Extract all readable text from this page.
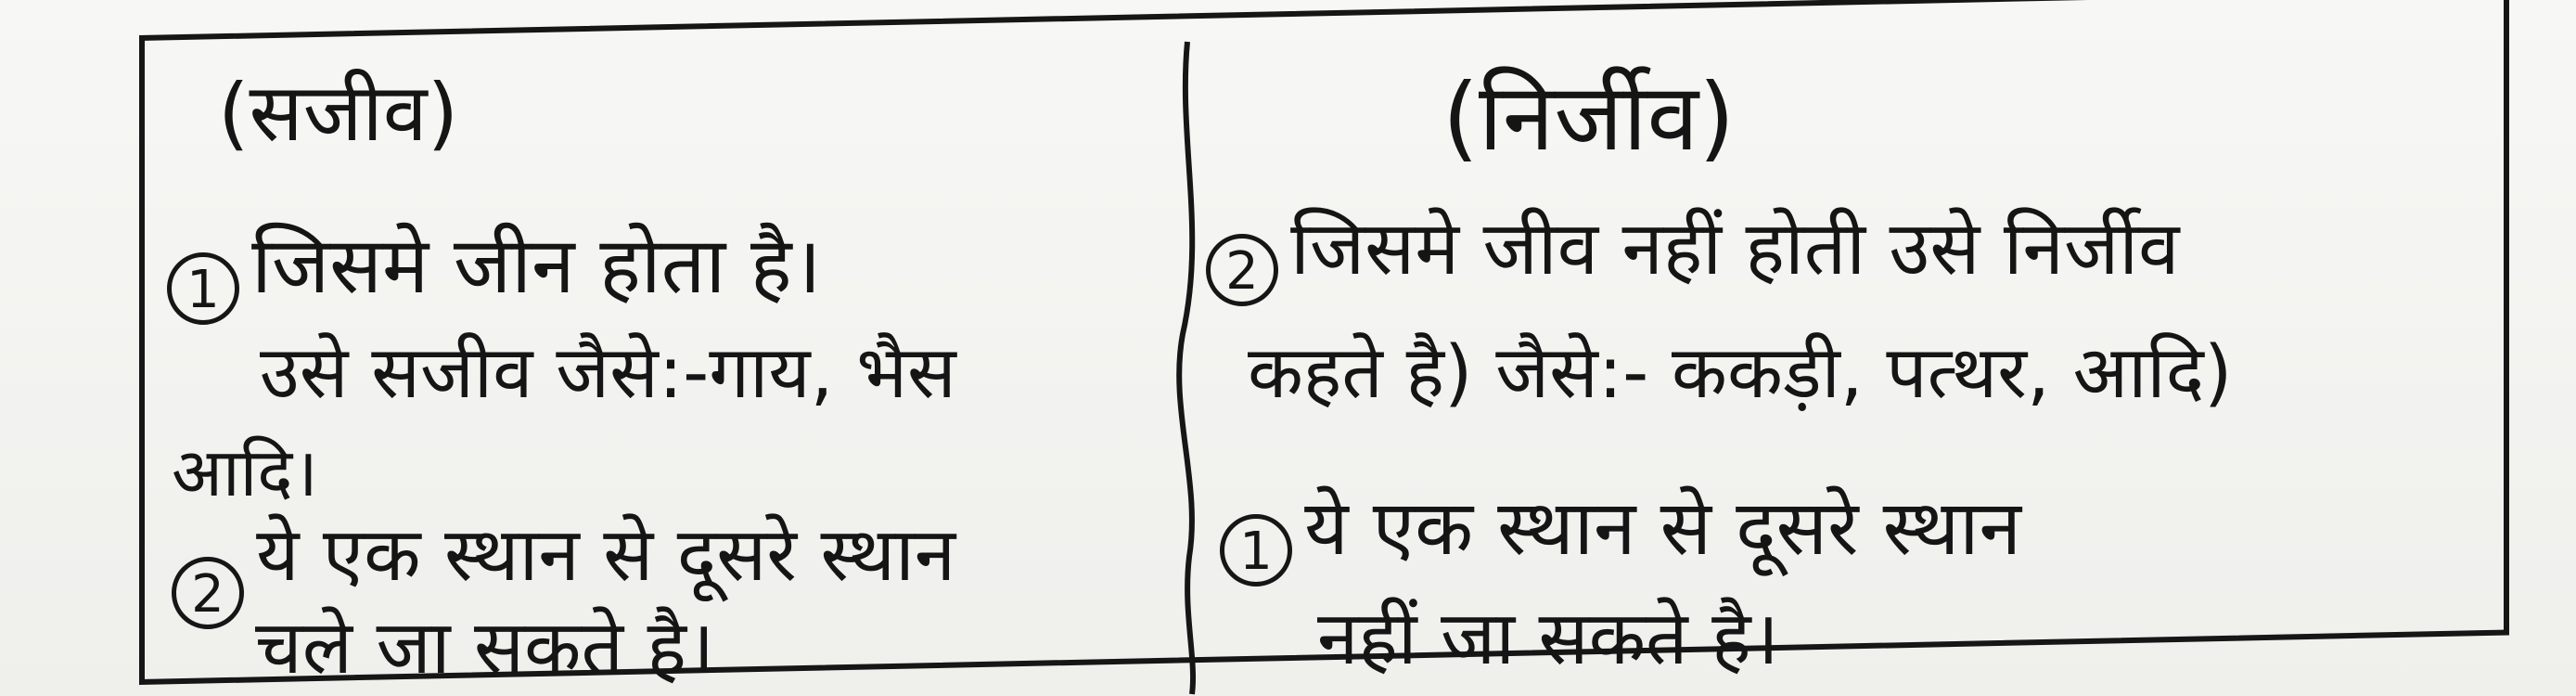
(सजीव)
1 जिसमे जीन होता है।
उसे सजीव जैसे:-गाय, भैस
आदि।
2 ये एक स्थान से दूसरे स्थान
चले जा सकते है।
(निर्जीव)
2 जिसमे जीव नहीं होती उसे निर्जीव
कहते है) जैसे:- ककड़ी, पत्थर, आदि)
1 ये एक स्थान से दूसरे स्थान
नहीं जा सकते है।
